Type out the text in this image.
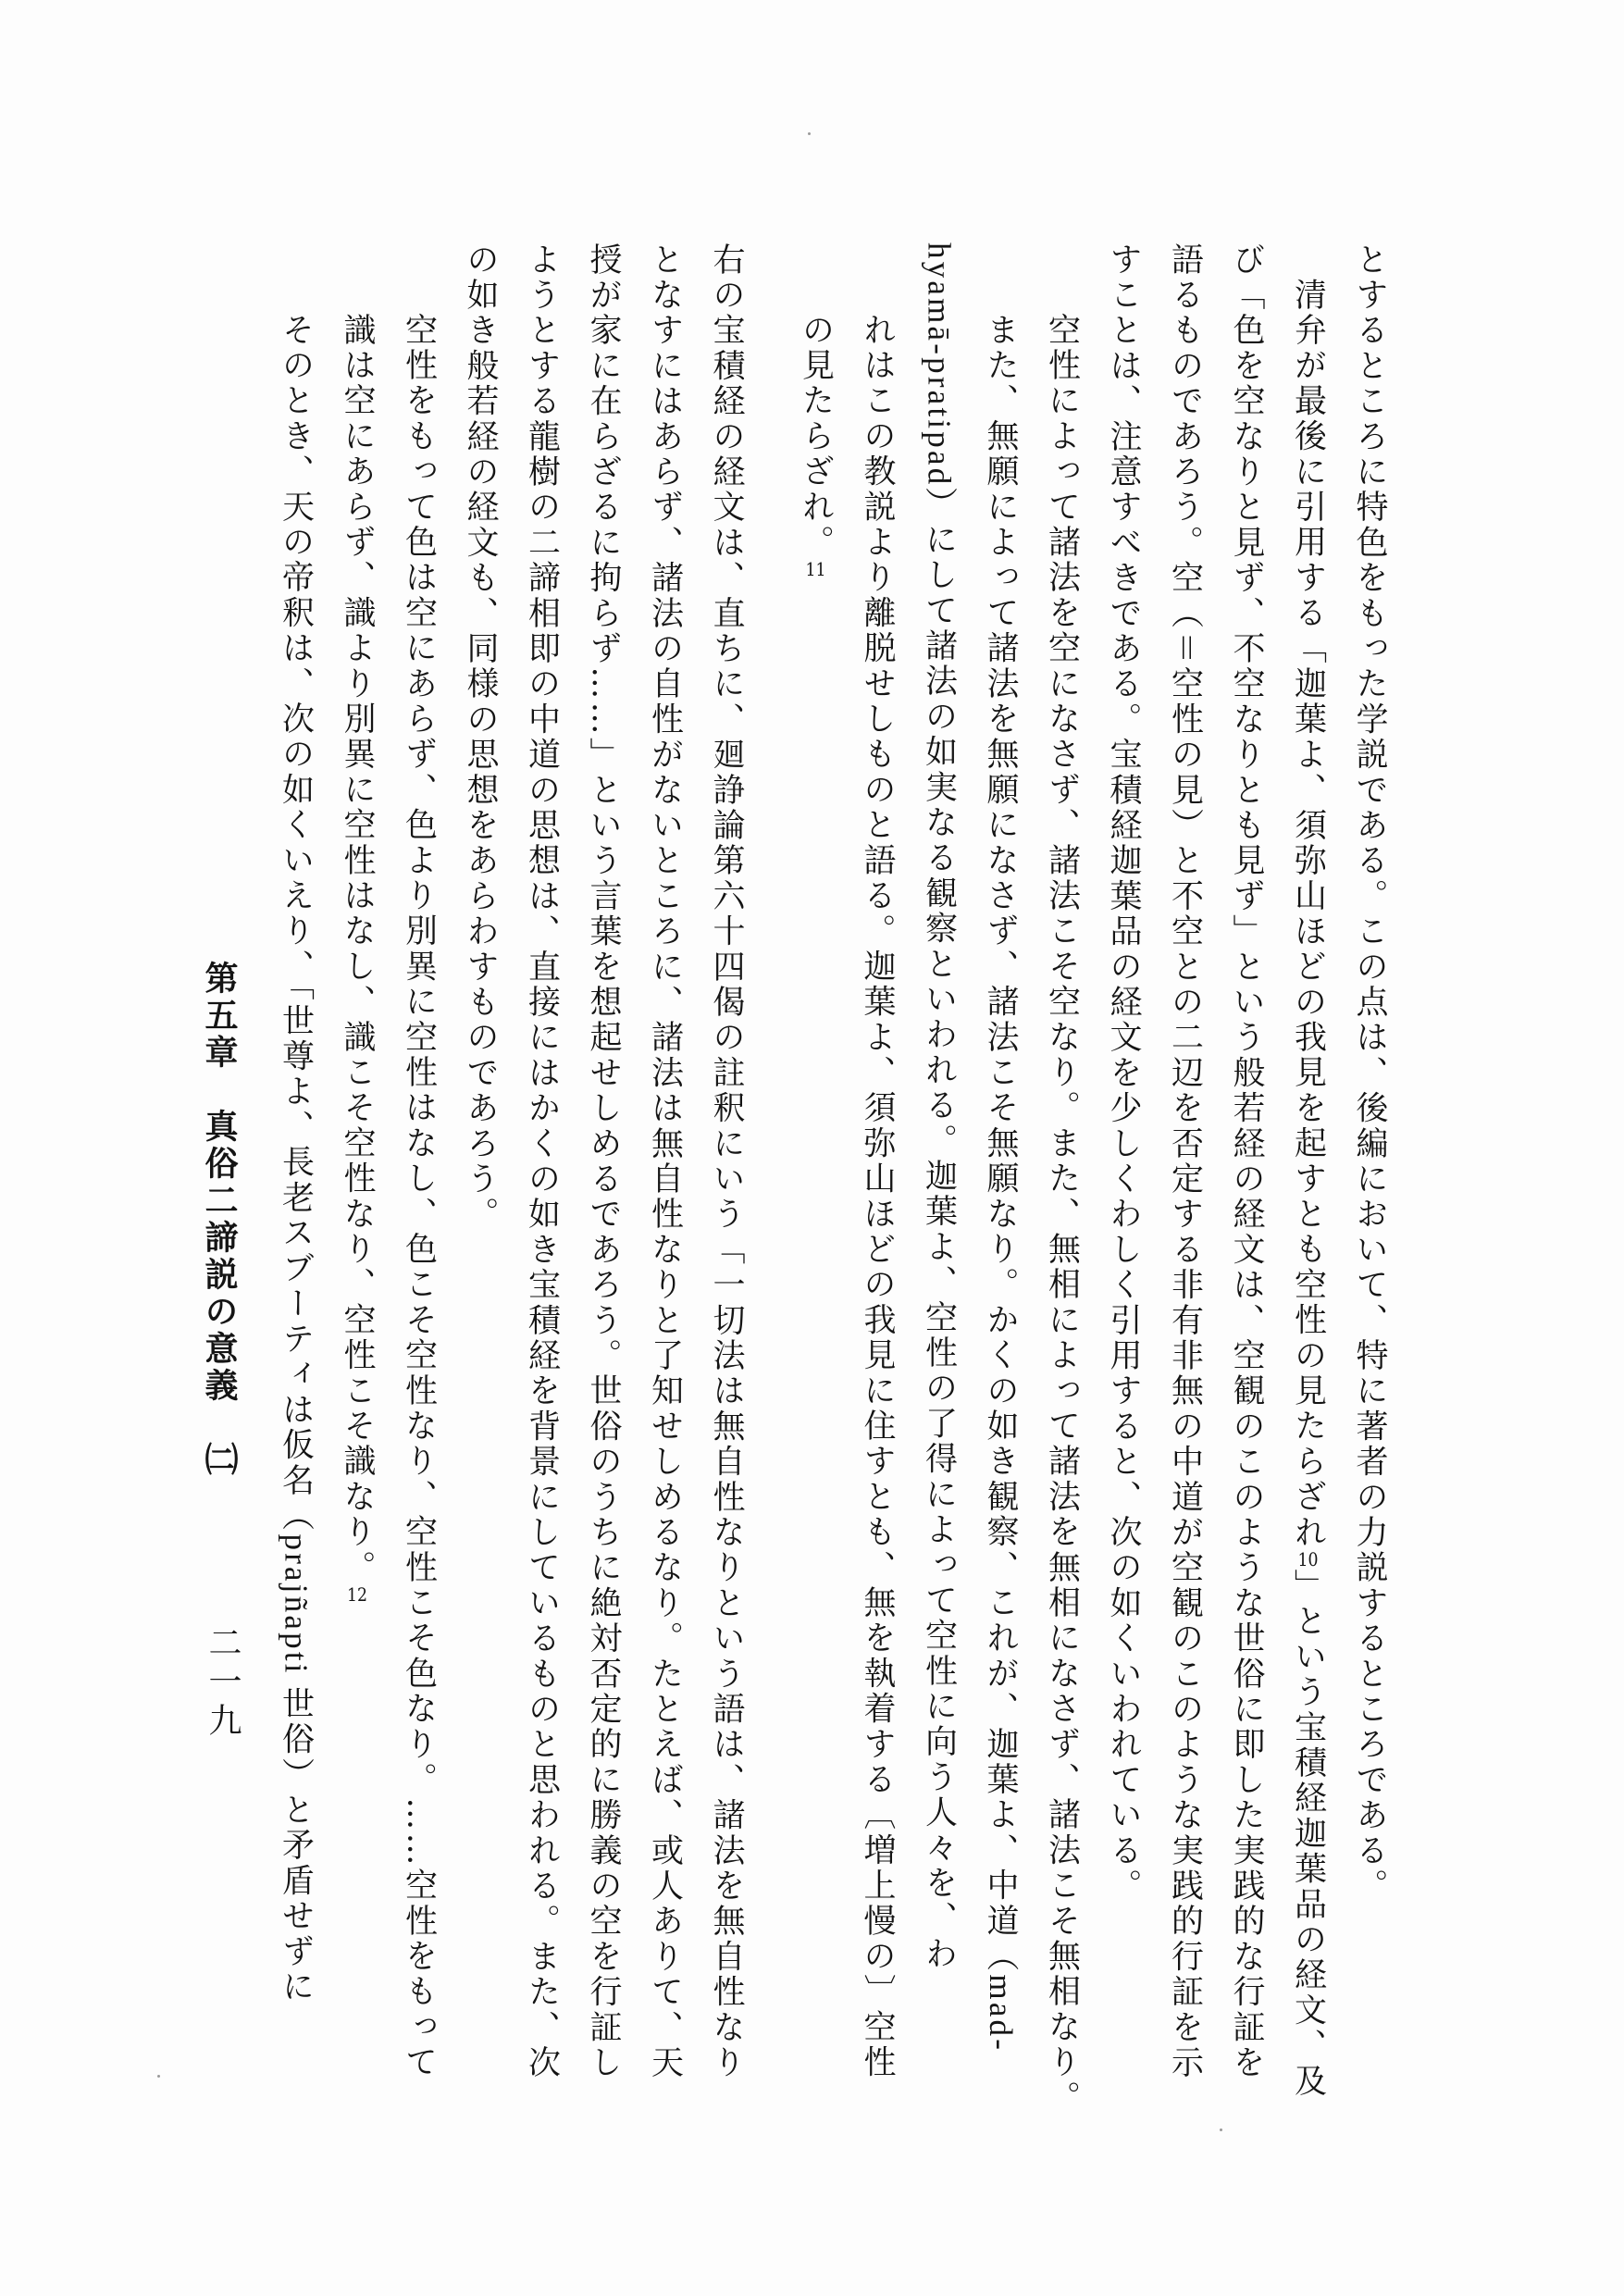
とするところに特色をもった学説である。この点は、後編において、特に著者の力説するところである。
清弁が最後に引用する「迦葉よ、須弥山ほどの我見を起すとも空性の見たらざれ10」という宝積経迦葉品の経文、及
び「色を空なりと見ず、不空なりとも見ず」という般若経の経文は、空観のこのような世俗に即した実践的な行証を
語るものであろう。空（＝空性の見）と不空との二辺を否定する非有非無の中道が空観のこのような実践的行証を示
すことは、注意すべきである。宝積経迦葉品の経文を少しくわしく引用すると、次の如くいわれている。
空性によって諸法を空になさず、諸法こそ空なり。また、無相によって諸法を無相になさず、諸法こそ無相なり。
また、無願によって諸法を無願になさず、諸法こそ無願なり。かくの如き観察、これが、迦葉よ、中道（mad-
hyamā-pratipad）にして諸法の如実なる観察といわれる。迦葉よ、空性の了得によって空性に向う人々を、わ
れはこの教説より離脱せしものと語る。迦葉よ、須弥山ほどの我見に住すとも、無を執着する〔増上慢の〕空性
の見たらざれ。11
右の宝積経の経文は、直ちに、廻諍論第六十四偈の註釈にいう「一切法は無自性なりという語は、諸法を無自性なり
となすにはあらず、諸法の自性がないところに、諸法は無自性なりと了知せしめるなり。たとえば、或人ありて、天
授が家に在らざるに拘らず……」という言葉を想起せしめるであろう。世俗のうちに絶対否定的に勝義の空を行証し
ようとする龍樹の二諦相即の中道の思想は、直接にはかくの如き宝積経を背景にしているものと思われる。また、次
の如き般若経の経文も、同様の思想をあらわすものであろう。
空性をもって色は空にあらず、色より別異に空性はなし、色こそ空性なり、空性こそ色なり。……空性をもって
識は空にあらず、識より別異に空性はなし、識こそ空性なり、空性こそ識なり。12
そのとき、天の帝釈は、次の如くいえり、「世尊よ、長老スブーティは仮名（prajñapti 世俗）と矛盾せずに
第五章　真俗二諦説の意義　㈡
二一九
